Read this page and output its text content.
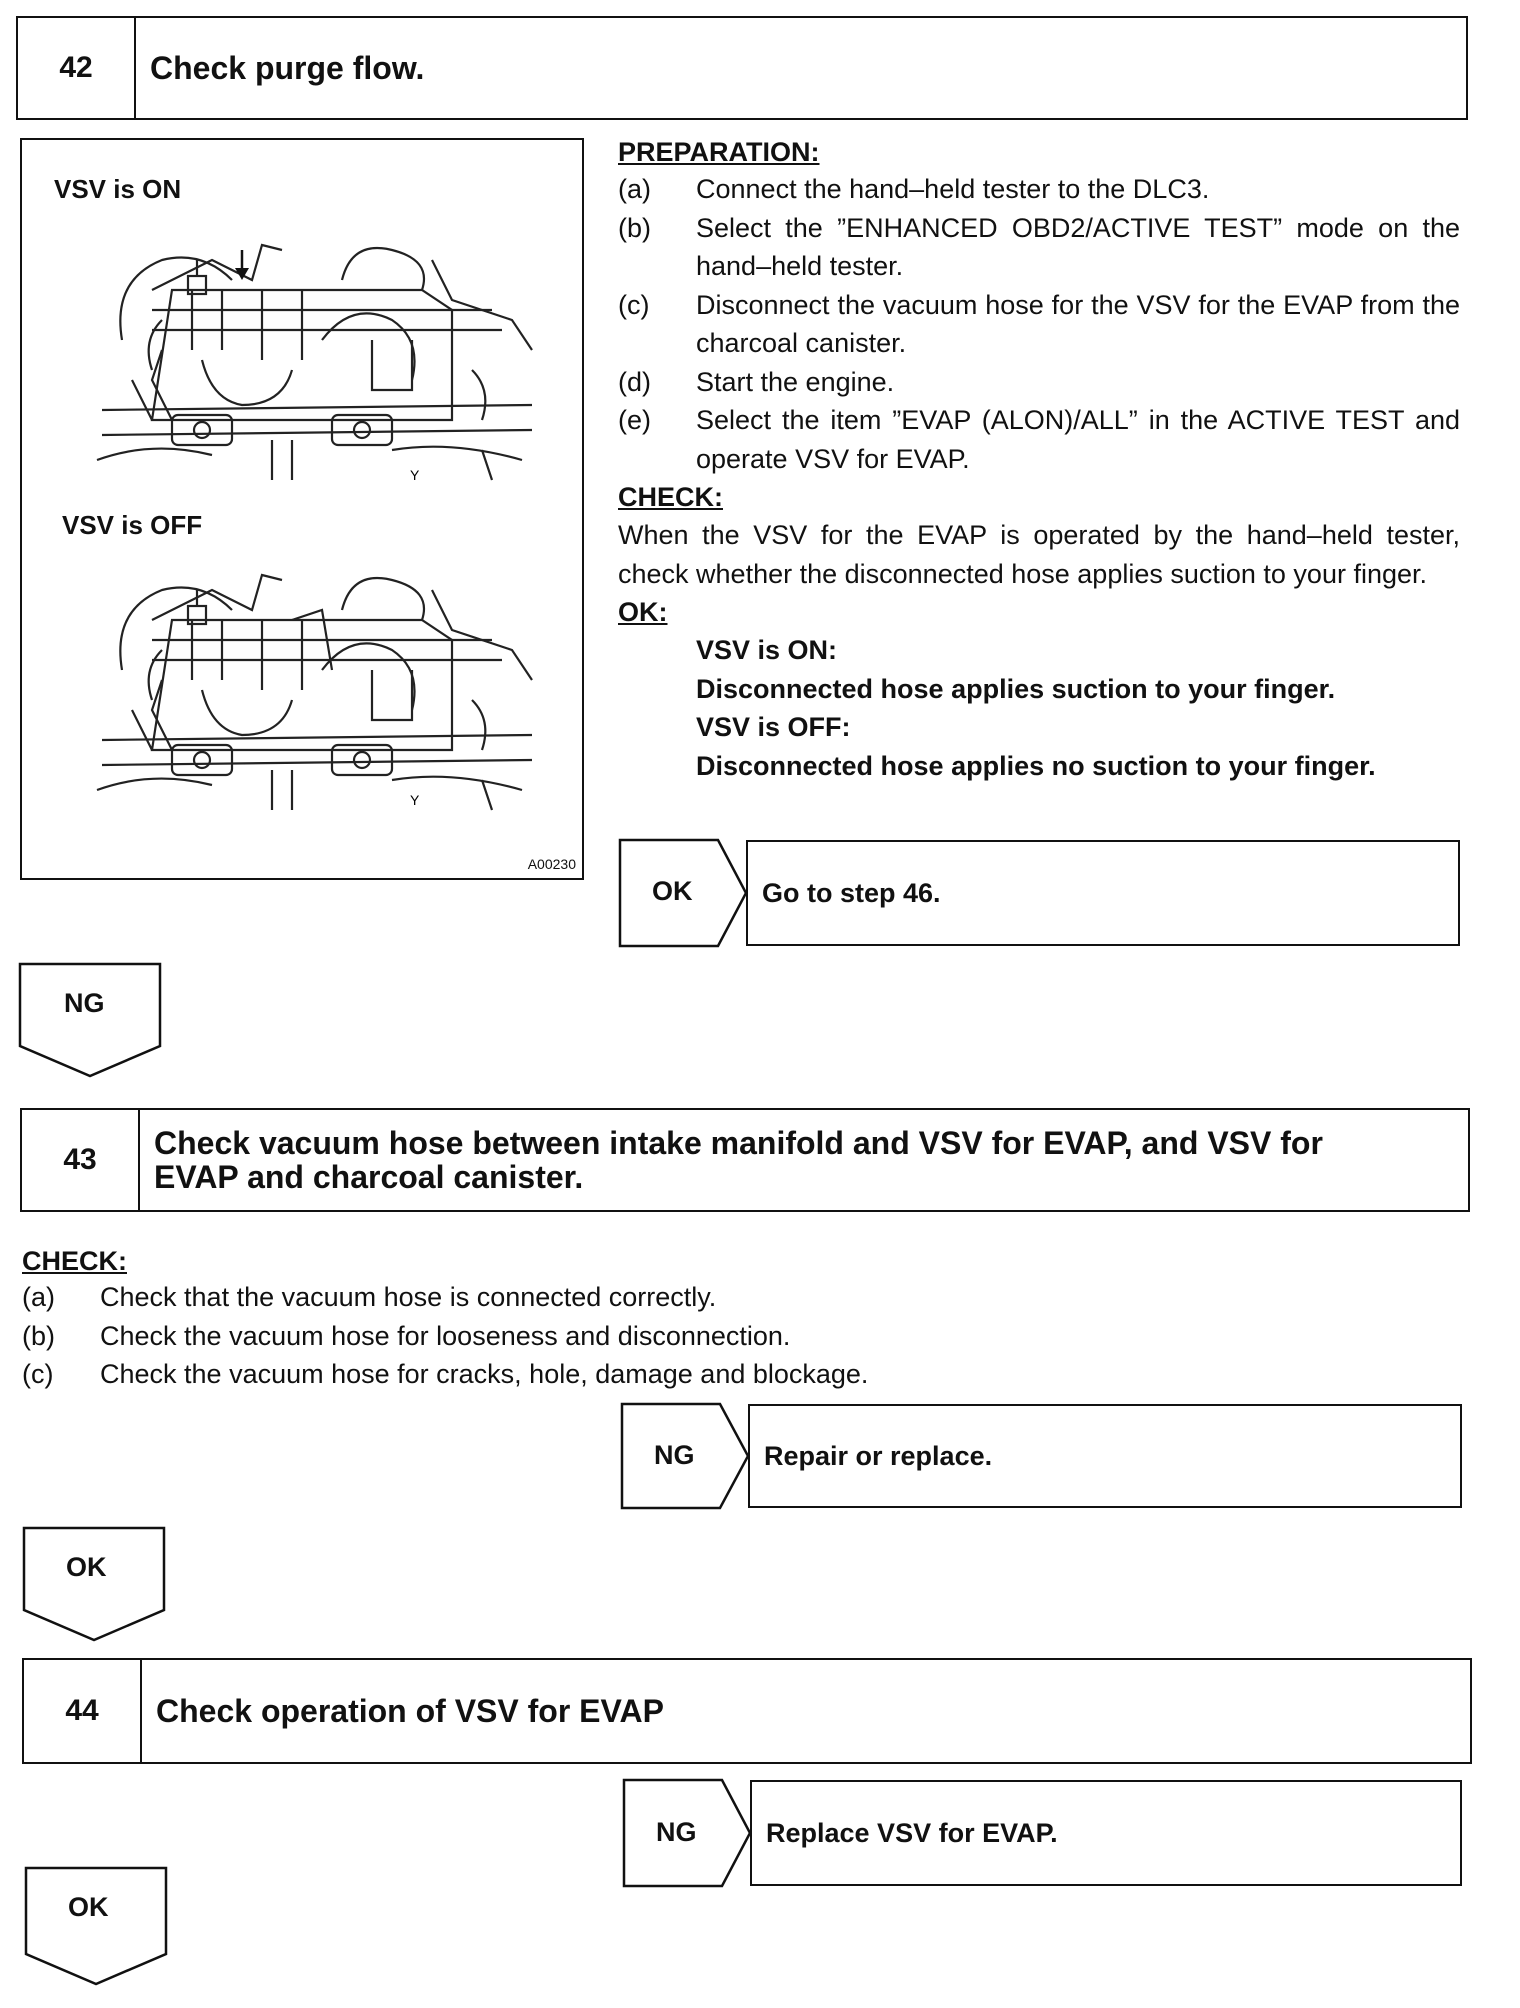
42	Check purge flow.
VSV is ON
Y
VSV is OFF
Y
A00230
PREPARATION:
(a)	Connect the hand–held tester to the DLC3.
(b)	Select the ”ENHANCED OBD2/ACTIVE TEST” mode on the hand–held tester.
(c)	Disconnect the vacuum hose for the VSV for the EVAP from the charcoal canister.
(d)	Start the engine.
(e)	Select the item ”EVAP (ALON)/ALL” in the ACTIVE TEST and operate VSV for EVAP.
CHECK:
When the VSV for the EVAP is operated by the hand–held tester, check whether the disconnected hose applies suction to your finger.
OK:
VSV is ON:
Disconnected hose applies suction to your finger.
VSV is OFF:
Disconnected hose applies no suction to your finger.
OK	Go to step 46.
NG
43	Check vacuum hose between intake manifold and VSV for EVAP, and VSV for EVAP and charcoal canister.
CHECK:
(a)	Check that the vacuum hose is connected correctly.
(b)	Check the vacuum hose for looseness and disconnection.
(c)	Check the vacuum hose for cracks, hole, damage and blockage.
NG	Repair or replace.
OK
44	Check operation of VSV for EVAP
NG	Replace VSV for EVAP.
OK
